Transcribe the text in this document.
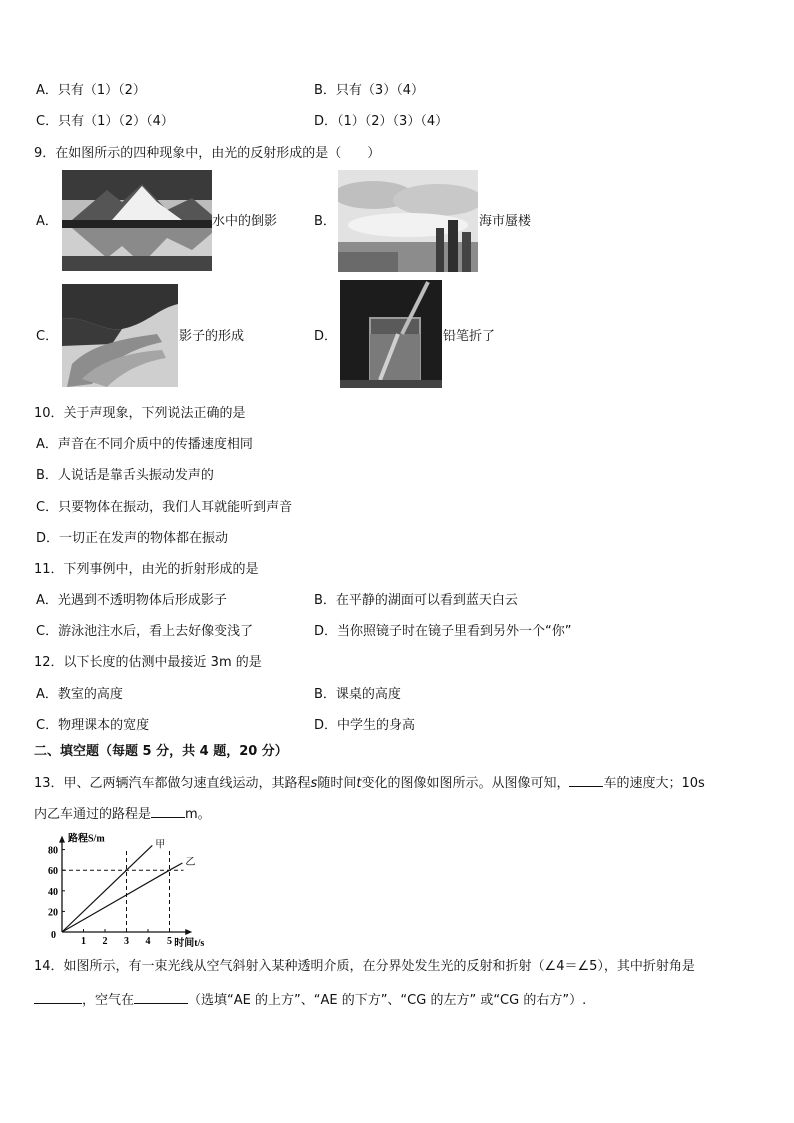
A．只有（1）（2）	B．只有（3）（4）
C．只有（1）（2）（4）	D．（1）（2）（3）（4）
9．在如图所示的四种现象中，由光的反射形成的是（　　）
A．	水中的倒影	B．	海市蜃楼
C．	影子的形成	D．	铅笔折了
10．关于声现象，下列说法正确的是
A．声音在不同介质中的传播速度相同
B．人说话是靠舌头振动发声的
C．只要物体在振动，我们人耳就能听到声音
D．一切正在发声的物体都在振动
11．下列事例中，由光的折射形成的是
A．光遇到不透明物体后形成影子	B．在平静的湖面可以看到蓝天白云
C．游泳池注水后，看上去好像变浅了	D．当你照镜子时在镜子里看到另外一个“你”
12．以下长度的估测中最接近 3m 的是
A．教室的高度	B．课桌的高度
C．物理课本的宽度	D．中学生的身高
二、填空题（每题 5 分，共 4 题，20 分）
13．甲、乙两辆汽车都做匀速直线运动，其路程s随时间t变化的图像如图所示。从图像可知，	车的速度大；10s
内乙车通过的路程是	m。
1 2 3 4 5
20
40
60
80
0
路程S/m
时间t/s
甲
乙
14．如图所示，有一束光线从空气斜射入某种透明介质，在分界处发生光的反射和折射（∠4＝∠5），其中折射角是
，空气在	（选填“AE 的上方”、“AE 的下方”、“CG 的左方” 或“CG 的右方”）.
